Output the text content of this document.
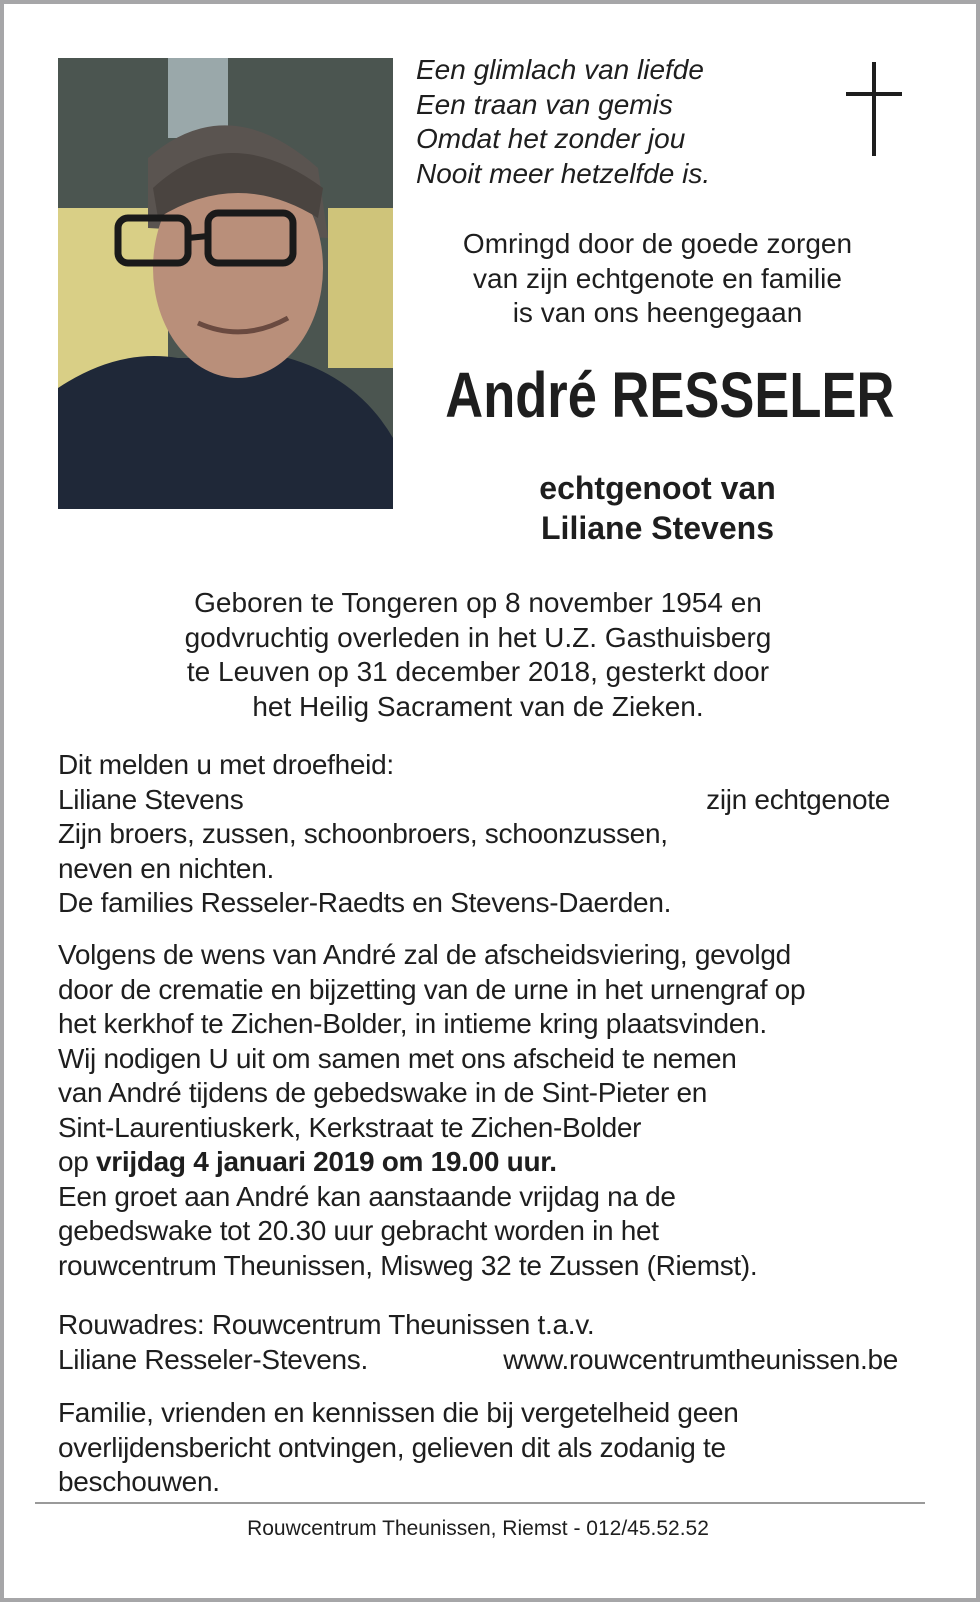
Een glimlach van liefde
Een traan van gemis
Omdat het zonder jou
Nooit meer hetzelfde is.
Omringd door de goede zorgen
van zijn echtgenote en familie
is van ons heengegaan
André RESSELER
echtgenoot van
Liliane Stevens
Geboren te Tongeren op 8 november 1954 en
godvruchtig overleden in het U.Z. Gasthuisberg
te Leuven op 31 december 2018, gesterkt door
het Heilig Sacrament van de Zieken.
Dit melden u met droefheid:
Liliane Stevens	zijn echtgenote
Zijn broers, zussen, schoonbroers, schoonzussen,
neven en nichten.
De families Resseler-Raedts en Stevens-Daerden.
Volgens de wens van André zal de afscheidsviering, gevolgd
door de crematie en bijzetting van de urne in het urnengraf op
het kerkhof te Zichen-Bolder, in intieme kring plaatsvinden.
Wij nodigen U uit om samen met ons afscheid te nemen
van André tijdens de gebedswake in de Sint-Pieter en
Sint-Laurentiuskerk, Kerkstraat te Zichen-Bolder
op vrijdag 4 januari 2019 om 19.00 uur.
Een groet aan André kan aanstaande vrijdag na de
gebedswake tot 20.30 uur gebracht worden in het
rouwcentrum Theunissen, Misweg 32 te Zussen (Riemst).
Rouwadres: Rouwcentrum Theunissen t.a.v.
Liliane Resseler-Stevens.	www.rouwcentrumtheunissen.be
Familie, vrienden en kennissen die bij vergetelheid geen
overlijdensbericht ontvingen, gelieven dit als zodanig te
beschouwen.
Rouwcentrum Theunissen, Riemst - 012/45.52.52
